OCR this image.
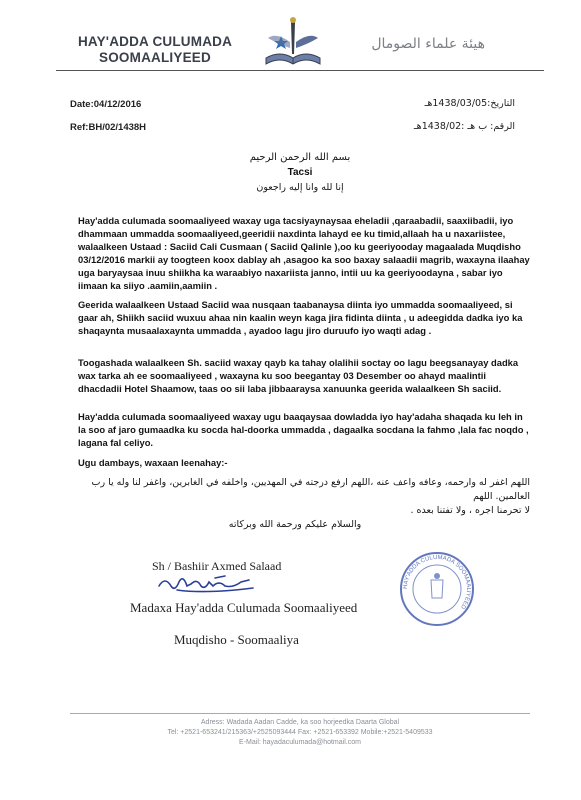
HAY'ADDA CULUMADA
SOOMAALIYEED
هيئة علماء الصومال
Date:04/12/2016	التاريخ:1438/03/05هـ
Ref:BH/02/1438H	الرقم: ب هـ :1438/02هـ
بسم الله الرحمن الرحيم
Tacsi
إنا لله وانا إليه راجعون
Hay'adda culumada soomaaliyeed waxay uga tacsiyaynaysaa eheladii ,qaraabadii, saaxiibadii, iyo dhammaan ummadda soomaaliyeed,geeridii naxdinta lahayd ee ku timid,allaah ha u naxariistee, walaalkeen Ustaad : Saciid Cali Cusmaan ( Saciid Qalinle ),oo ku geeriyooday magaalada Muqdisho 03/12/2016 markii ay toogteen koox dablay ah ,asagoo ka soo baxay salaadii magrib, waxayna ilaahay uga baryaysaa inuu shiikha ka waraabiyo naxariista janno, intii uu ka geeriyoodayna , sabar iyo iimaan ka siiyo .aamiin,aamiin .
Geerida walaalkeen Ustaad Saciid waa nusqaan taabanaysa diinta iyo ummadda soomaaliyeed, si gaar ah, Shiikh saciid wuxuu ahaa nin kaalin weyn kaga jira fidinta diinta , u adeegidda dadka iyo ka shaqaynta musaalaxaynta ummadda , ayadoo lagu jiro duruufo iyo waqti adag .
Toogashada walaalkeen Sh. saciid waxay qayb ka tahay olalihii soctay oo lagu beegsanayay dadka wax tarka ah ee soomaaliyeed , waxayna ku soo beegantay 03 Desember oo ahayd maalintii dhacdadii Hotel Shaamow, taas oo sii laba jibbaaraysa xanuunka geerida walaalkeen Sh saciid.
Hay'adda culumada soomaaliyeed waxay ugu baaqaysaa dowladda iyo hay'adaha shaqada ku leh in la soo af jaro gumaadka ku socda hal-doorka ummadda , dagaalka socdana la fahmo ,lala fac noqdo , lagana fal celiyo.
Ugu dambays, waxaan leenahay:-
اللهم اغفر له وارحمه، وعافه واعف عنه ،اللهم ارفع درجته في المهديين، واخلفه في الغابرين، واغفر لنا وله يا رب العالمين. اللهم
لا تحرمنا اجره ، ولا تفتنا بعده .
والسلام عليكم ورحمة الله وبركاته
Sh / Bashiir Axmed Salaad
Madaxa Hay'adda Culumada Soomaaliyeed
Muqdisho - Soomaaliya
HAY'ADDA CULUMADA SOOMAALIYEED
Adress: Wadada Aadan Cadde, ka soo horjeedka Daarta Global
Tel: +2521-653241/215363/+2525093444 Fax: +2521-653392 Mobile:+2521-5409533
E-Mail: hayadaculumada@hotmail.com
